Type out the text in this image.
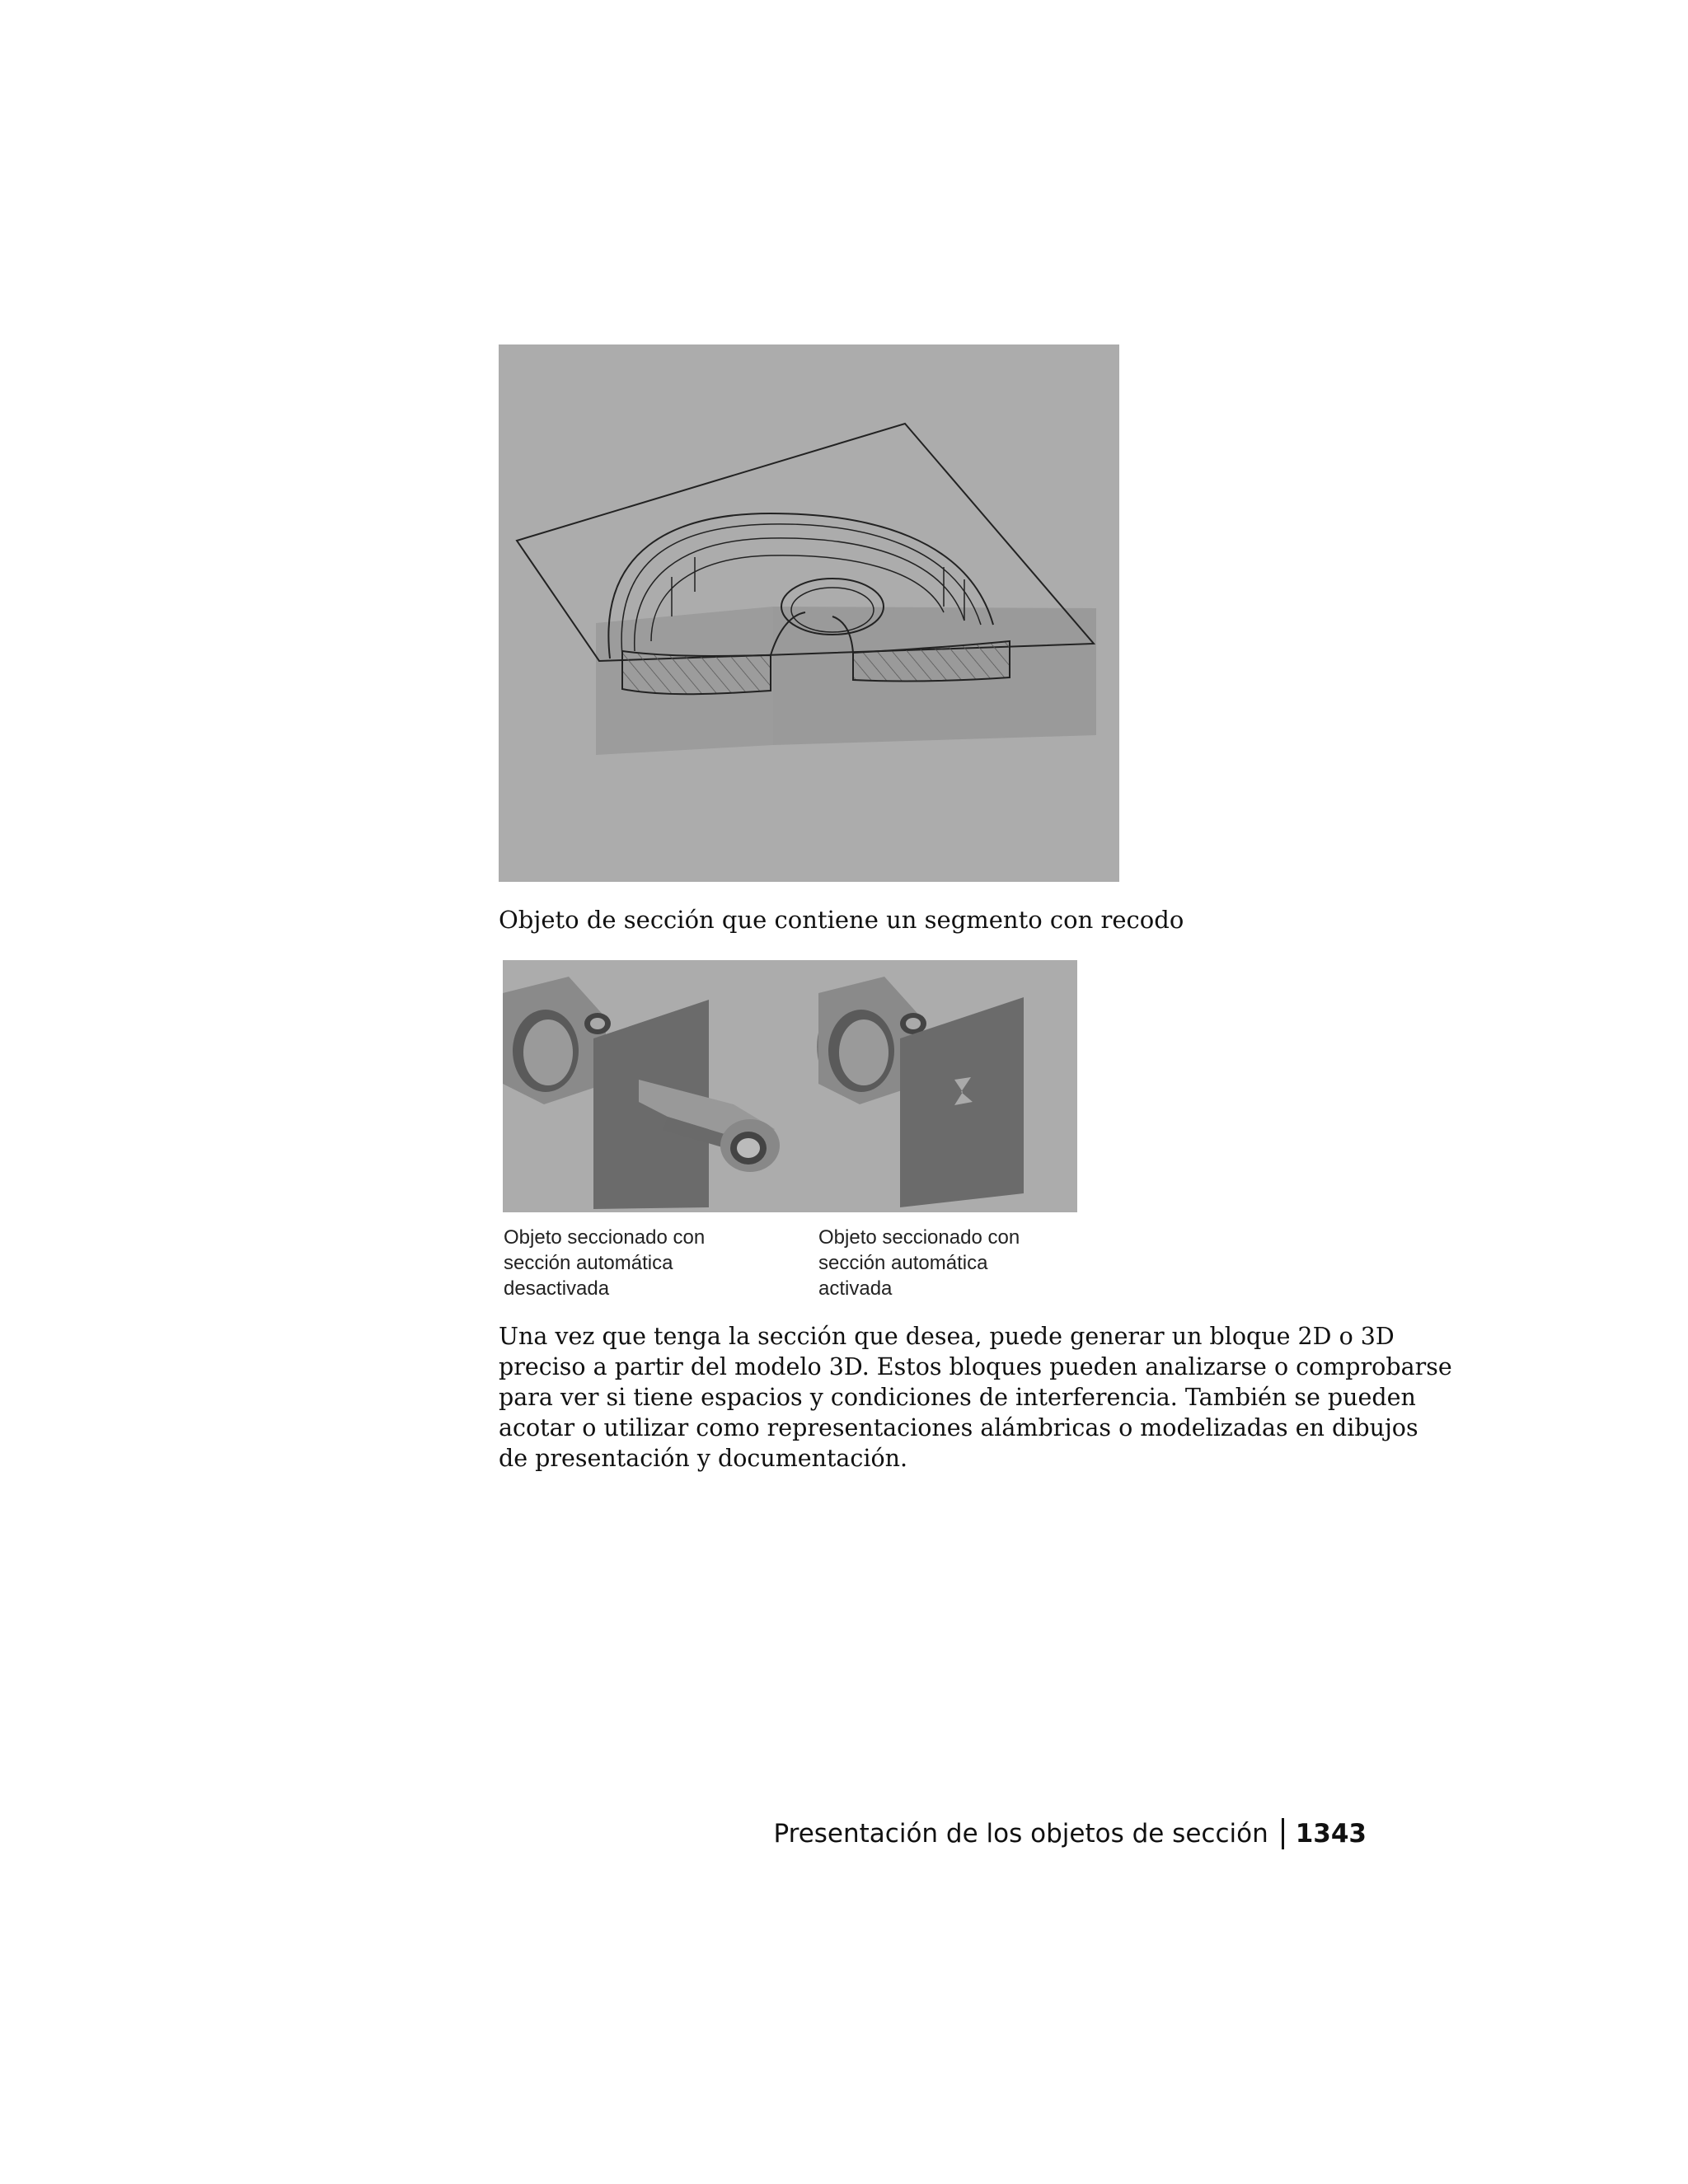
Objeto de sección que contiene un segmento con recodo
Objeto seccionado con
sección automática
desactivada
Objeto seccionado con
sección automática
activada
Una vez que tenga la sección que desea, puede generar un bloque 2D o 3D
preciso a partir del modelo 3D. Estos bloques pueden analizarse o comprobarse
para ver si tiene espacios y condiciones de interferencia. También se pueden
acotar o utilizar como representaciones alámbricas o modelizadas en dibujos
de presentación y documentación.
Presentación de los objetos de sección 1343
